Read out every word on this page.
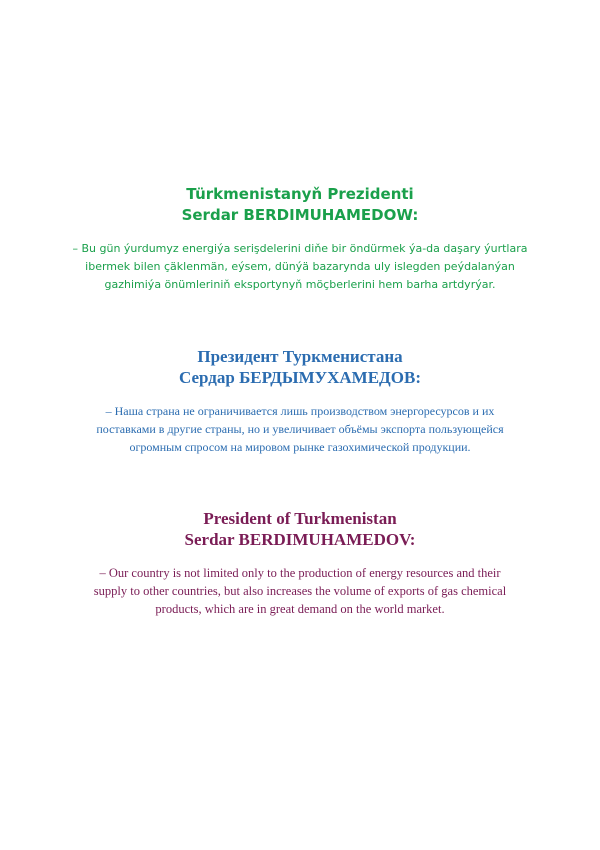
Türkmenistanyň Prezidenti
Serdar BERDIMUHAMEDOW:

– Bu gün ýurdumyz energiýa serişdelerini diňe bir öndürmek ýa-da daşary ýurtlara
ibermek bilen çäklenmän, eýsem, dünýä bazarynda uly islegden peýdalanýan
gazhimiýa önümleriniň eksportynyň möçberlerini hem barha artdyrýar.

Президент Туркменистана
Сердар БЕРДЫМУХАМЕДОВ:

– Наша страна не ограничивается лишь производством энергоресурсов и их
поставками в другие страны, но и увеличивает объёмы экспорта пользующейся
огромным спросом на мировом рынке газохимической продукции.

President of Turkmenistan
Serdar BERDIMUHAMEDOV:

– Our country is not limited only to the production of energy resources and their
supply to other countries, but also increases the volume of exports of gas chemical
products, which are in great demand on the world market.
